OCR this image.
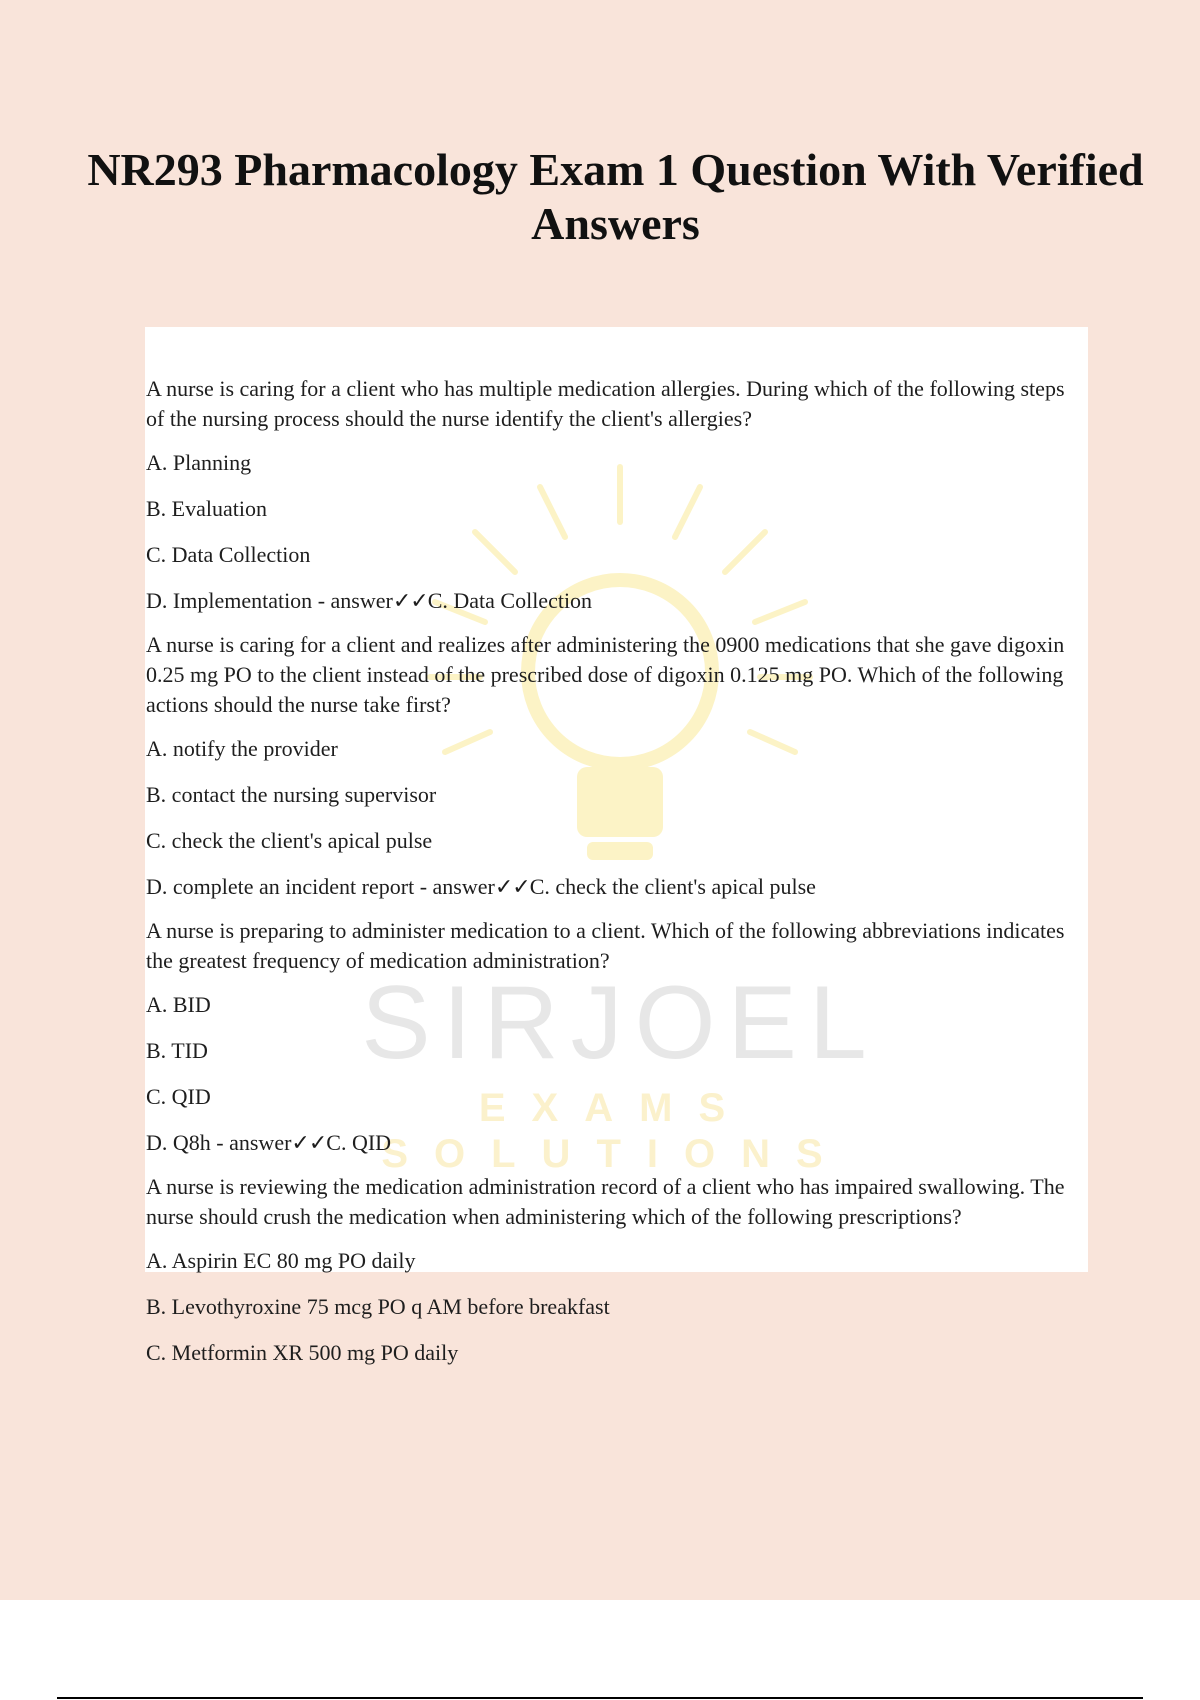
NR293 Pharmacology Exam 1 Question With Verified Answers
SIRJOEL
EXAMS SOLUTIONS
A nurse is caring for a client who has multiple medication allergies. During which of the following steps of the nursing process should the nurse identify the client's allergies?
A. Planning
B. Evaluation
C. Data Collection
D. Implementation - answer✓✓C. Data Collection
A nurse is caring for a client and realizes after administering the 0900 medications that she gave digoxin 0.25 mg PO to the client instead of the prescribed dose of digoxin 0.125 mg PO. Which of the following actions should the nurse take first?
A. notify the provider
B. contact the nursing supervisor
C. check the client's apical pulse
D. complete an incident report - answer✓✓C. check the client's apical pulse
A nurse is preparing to administer medication to a client. Which of the following abbreviations indicates the greatest frequency of medication administration?
A. BID
B. TID
C. QID
D. Q8h - answer✓✓C. QID
A nurse is reviewing the medication administration record of a client who has impaired swallowing. The nurse should crush the medication when administering which of the following prescriptions?
A. Aspirin EC 80 mg PO daily
B. Levothyroxine 75 mcg PO q AM before breakfast
C. Metformin XR 500 mg PO daily
